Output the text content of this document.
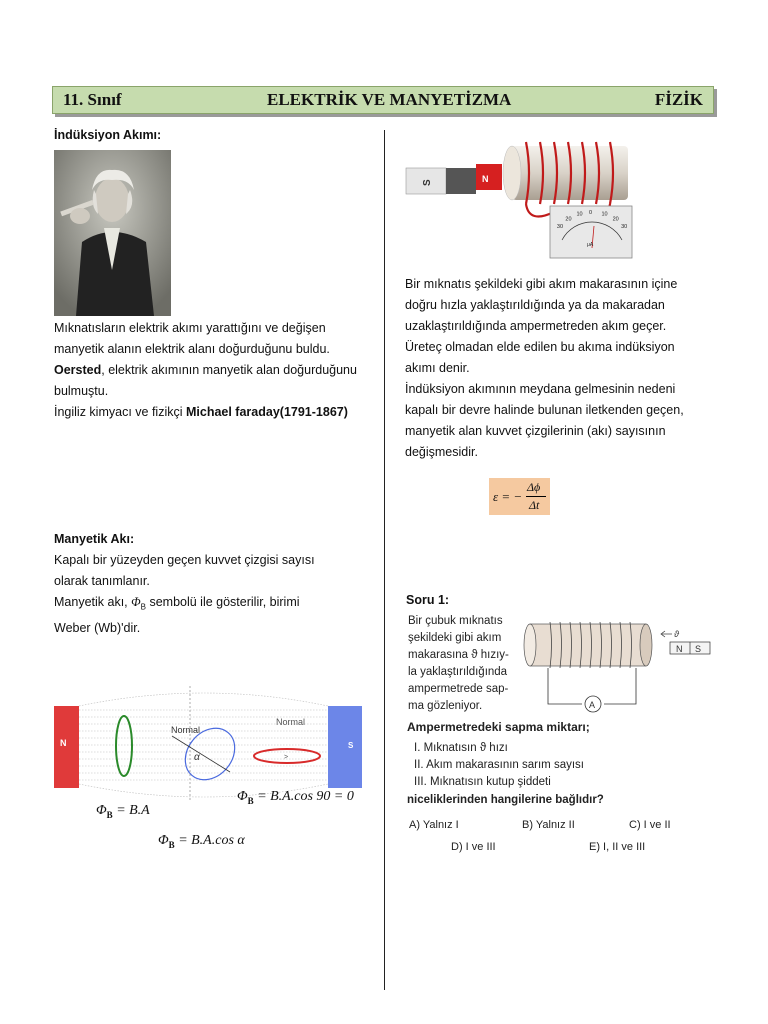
11. Sınıf	ELEKTRİK VE MANYETİZMA	FİZİK
İndüksiyon Akımı:
Mıknatısların elektrik akımı yarattığını ve değişen
manyetik alanın elektrik alanı doğurduğunu buldu.
Oersted, elektrik akımının manyetik alan doğurduğunu
bulmuştu.
İngiliz kimyacı ve fizikçi Michael faraday(1791-1867)
Manyetik Akı:
Kapalı bir yüzeyden geçen kuvvet çizgisi sayısı
olarak tanımlanır.
Manyetik akı, $\Phi_B$ sembolü ile gösterilir, birimi
Weber (Wb)'dir.
N	S
Normal
α
Normal
>
$\Phi_B = B.A.\cos$ 90 = 0
$\Phi_B = B.A$
$\Phi_B = B.A.\cos$ α
S	N
30
20
10 0 10
20
30
μA
Bir mıknatıs şekildeki gibi akım makarasının içine
doğru hızla yaklaştırıldığında ya da makaradan
uzaklaştırıldığında ampermetreden akım geçer.
Üreteç olmadan elde edilen bu akıma indüksiyon
akımı denir.
İndüksiyon akımının meydana gelmesinin nedeni
kapalı bir devre halinde bulunan iletkenden geçen,
manyetik alan kuvvet çizgilerinin (akı) sayısının
değişmesidir.
ε = −
Δϕ
Δt
Soru 1:
Bir çubuk mıknatıs
şekildeki gibi akım
makarasına ϑ hızıy-
la yaklaştırıldığında
ampermetrede sap-
ma gözleniyor.	A
N S
ϑ
Ampermetredeki sapma miktarı;
I. Mıknatısın ϑ hızı
II. Akım makarasının sarım sayısı
III. Mıknatısın kutup şiddeti
niceliklerinden hangilerine bağlıdır?
A) Yalnız I	B) Yalnız II	C) I ve II
D) I ve III	E) I, II ve III
